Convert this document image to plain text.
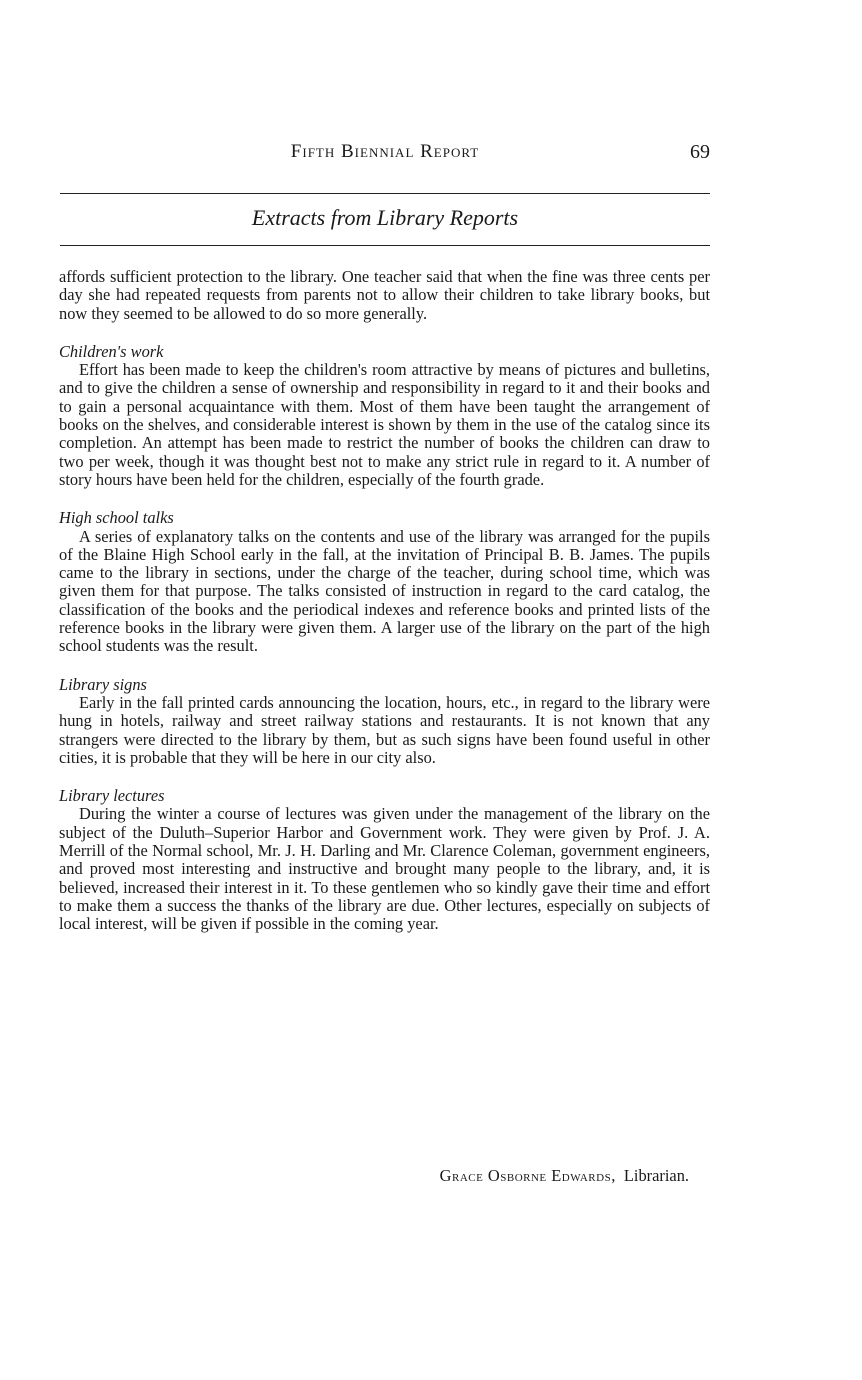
Fifth Biennial Report	69
Extracts from Library Reports

affords sufficient protection to the library. One teacher said that when the fine was three cents per day she had repeated requests from parents not to allow their children to take library books, but now they seemed to be allowed to do so more generally.

Children's work

Effort has been made to keep the children's room attractive by means of pictures and bulletins, and to give the children a sense of ownership and responsibility in regard to it and their books and to gain a personal acquaintance with them. Most of them have been taught the arrangement of books on the shelves, and considerable interest is shown by them in the use of the catalog since its completion. An attempt has been made to restrict the number of books the children can draw to two per week, though it was thought best not to make any strict rule in regard to it. A number of story hours have been held for the children, especially of the fourth grade.

High school talks

A series of explanatory talks on the contents and use of the library was arranged for the pupils of the Blaine High School early in the fall, at the invitation of Principal B. B. James. The pupils came to the library in sections, under the charge of the teacher, during school time, which was given them for that purpose. The talks consisted of instruction in regard to the card catalog, the classification of the books and the periodical indexes and reference books and printed lists of the reference books in the library were given them. A larger use of the library on the part of the high school students was the result.

Library signs

Early in the fall printed cards announcing the location, hours, etc., in regard to the library were hung in hotels, railway and street railway stations and restaurants. It is not known that any strangers were directed to the library by them, but as such signs have been found useful in other cities, it is probable that they will be here in our city also.

Library lectures

During the winter a course of lectures was given under the management of the library on the subject of the Duluth–Superior Harbor and Government work. They were given by Prof. J. A. Merrill of the Normal school, Mr. J. H. Darling and Mr. Clarence Coleman, government engineers, and proved most interesting and instructive and brought many people to the library, and, it is believed, increased their interest in it. To these gentlemen who so kindly gave their time and effort to make them a success the thanks of the library are due. Other lectures, especially on subjects of local interest, will be given if possible in the coming year.

Grace Osborne Edwards, Librarian.
